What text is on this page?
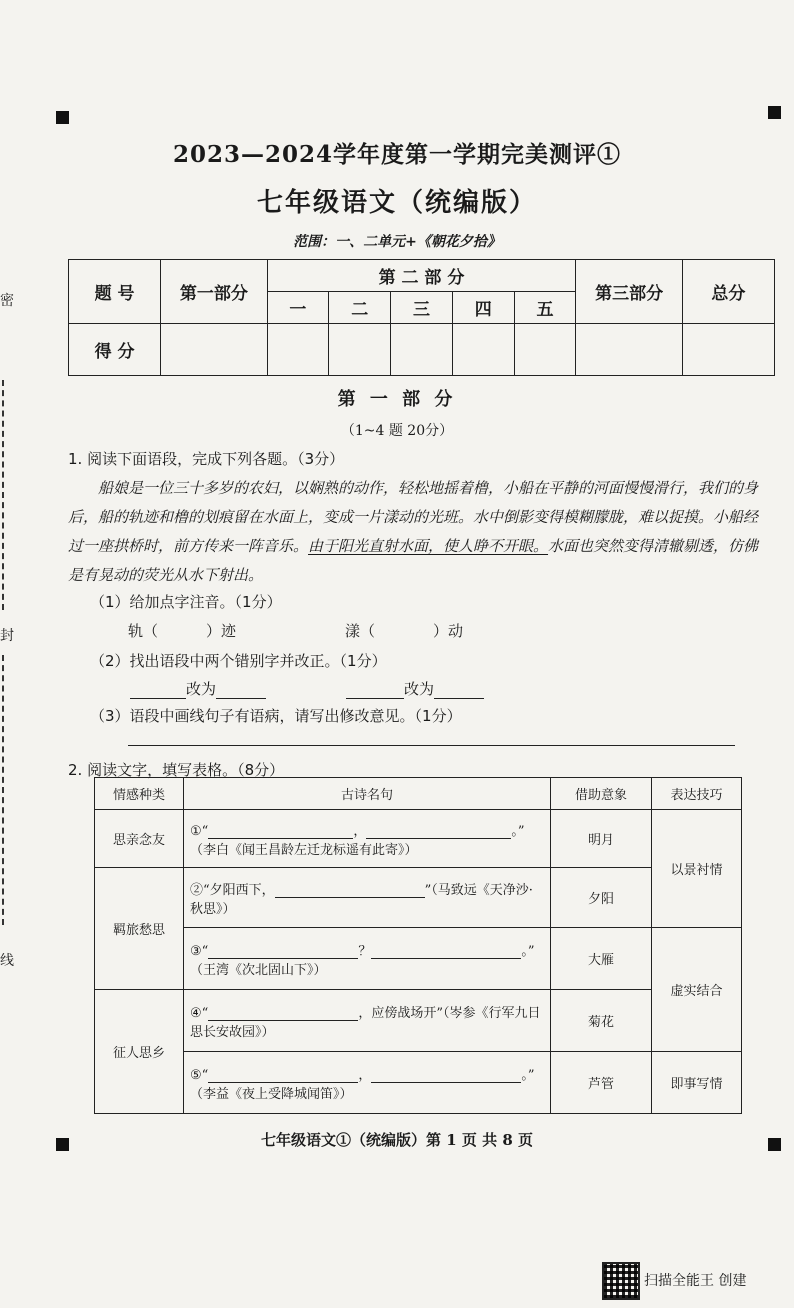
密
封
线
2023—2024学年度第一学期完美测评①
七年级语文（统编版）
范围：一、二单元+《朝花夕拾》
题 号	第一部分	第 二 部 分					第三部分	总分
		一	二	三	四	五		
得 分								
第 一 部 分
（1~4 题 20分）
1. 阅读下面语段，完成下列各题。（3分）
船娘是一位三十多岁的农妇，以娴熟的动作，轻松地摇着橹，小船在平静的河面慢慢滑行，我们的身后，船的轨迹和橹的划痕留在水面上，变成一片漾动的光班。水中倒影变得模糊朦胧，难以捉摸。小船经过一座拱桥时，前方传来一阵音乐。由于阳光直射水面，使人睁不开眼。水面也突然变得清辙剔透，仿佛是有晃动的荧光从水下射出。
（1）给加点字注音。（1分）
轨（	）迹	漾（	）动
（2）找出语段中两个错别字并改正。（1分）
改为	改为
（3）语段中画线句子有语病，请写出修改意见。（1分）
2. 阅读文字，填写表格。（8分）
情感种类	古诗名句	借助意象	表达技巧
思亲念友	①“ ， 。”
（李白《闻王昌龄左迁龙标遥有此寄》）	明月	以景衬情
羁旅愁思	②“夕阳西下， ”（马致远《天净沙·秋思》）	夕阳	

	③“ ？ 。”
（王湾《次北固山下》）	大雁	虚实结合
征人思乡	④“ ，应傍战场开”（岑参《行军九日思长安故园》）	菊花	

	⑤“ ， 。”
（李益《夜上受降城闻笛》）	芦管	即事写情
七年级语文①（统编版）第 1 页 共 8 页
扫描全能王 创建
